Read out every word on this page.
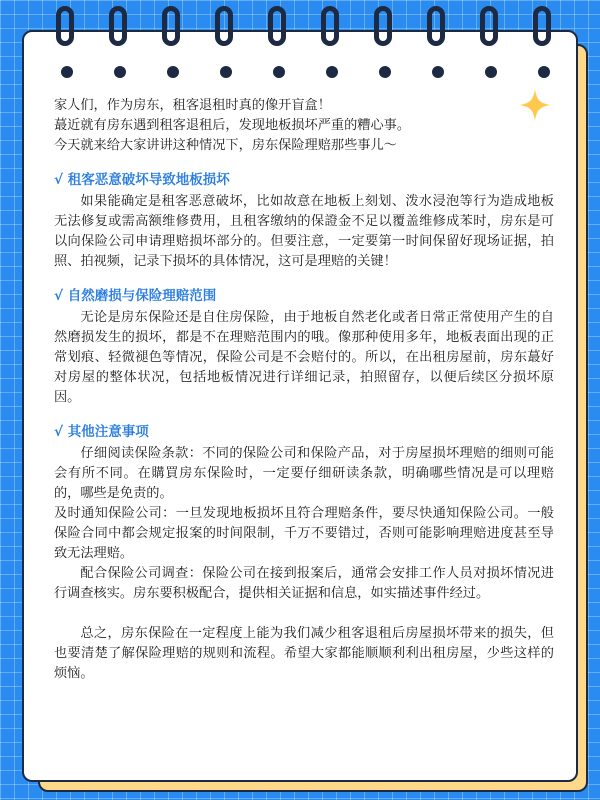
家人们，作为房东，租客退租时真的像开盲盒！

蕞近就有房东遇到租客退租后，发现地板损坏严重的糟心事。

今天就来给大家讲讲这种情况下，房东保险理赔那些事儿～

√ 租客恶意破坏导致地板损坏

如果能确定是租客恶意破坏，比如故意在地板上刻划、泼水浸泡等行为造成地板无法修复或需高额维修费用，且租客缴纳的保證金不足以覆盖维修成苯时，房东是可以向保险公司申请理赔损坏部分的。但要注意，一定要第一时间保留好现场证据，拍照、拍视频，记录下损坏的具体情况，这可是理赔的关键！

√ 自然磨损与保险理赔范围

无论是房东保险还是自住房保险，由于地板自然老化或者日常正常使用产生的自然磨损发生的损坏，都是不在理赔范围内的哦。像那种使用多年，地板表面出现的正常划痕、轻微褪色等情况，保险公司是不会赔付的。所以，在出租房屋前，房东蕞好对房屋的整体状况，包括地板情况进行详细记录，拍照留存，以便后续区分损坏原因。

√ 其他注意事项

仔细阅读保险条款：不同的保险公司和保险产品，对于房屋损坏理赔的细则可能会有所不同。在購買房东保险时，一定要仔细研读条款，明确哪些情况是可以理赔的，哪些是免责的。

及时通知保险公司：一旦发现地板损坏且符合理赔条件，要尽快通知保险公司。一般保险合同中都会规定报案的时间限制，千万不要错过，否则可能影响理赔进度甚至导致无法理赔。

配合保险公司调查：保险公司在接到报案后，通常会安排工作人员对损坏情况进行调查核实。房东要积极配合，提供相关证据和信息，如实描述事件经过。

总之，房东保险在一定程度上能为我们减少租客退租后房屋损坏带来的损失，但也要清楚了解保险理赔的规则和流程。希望大家都能顺顺利利出租房屋，少些这样的烦恼。
